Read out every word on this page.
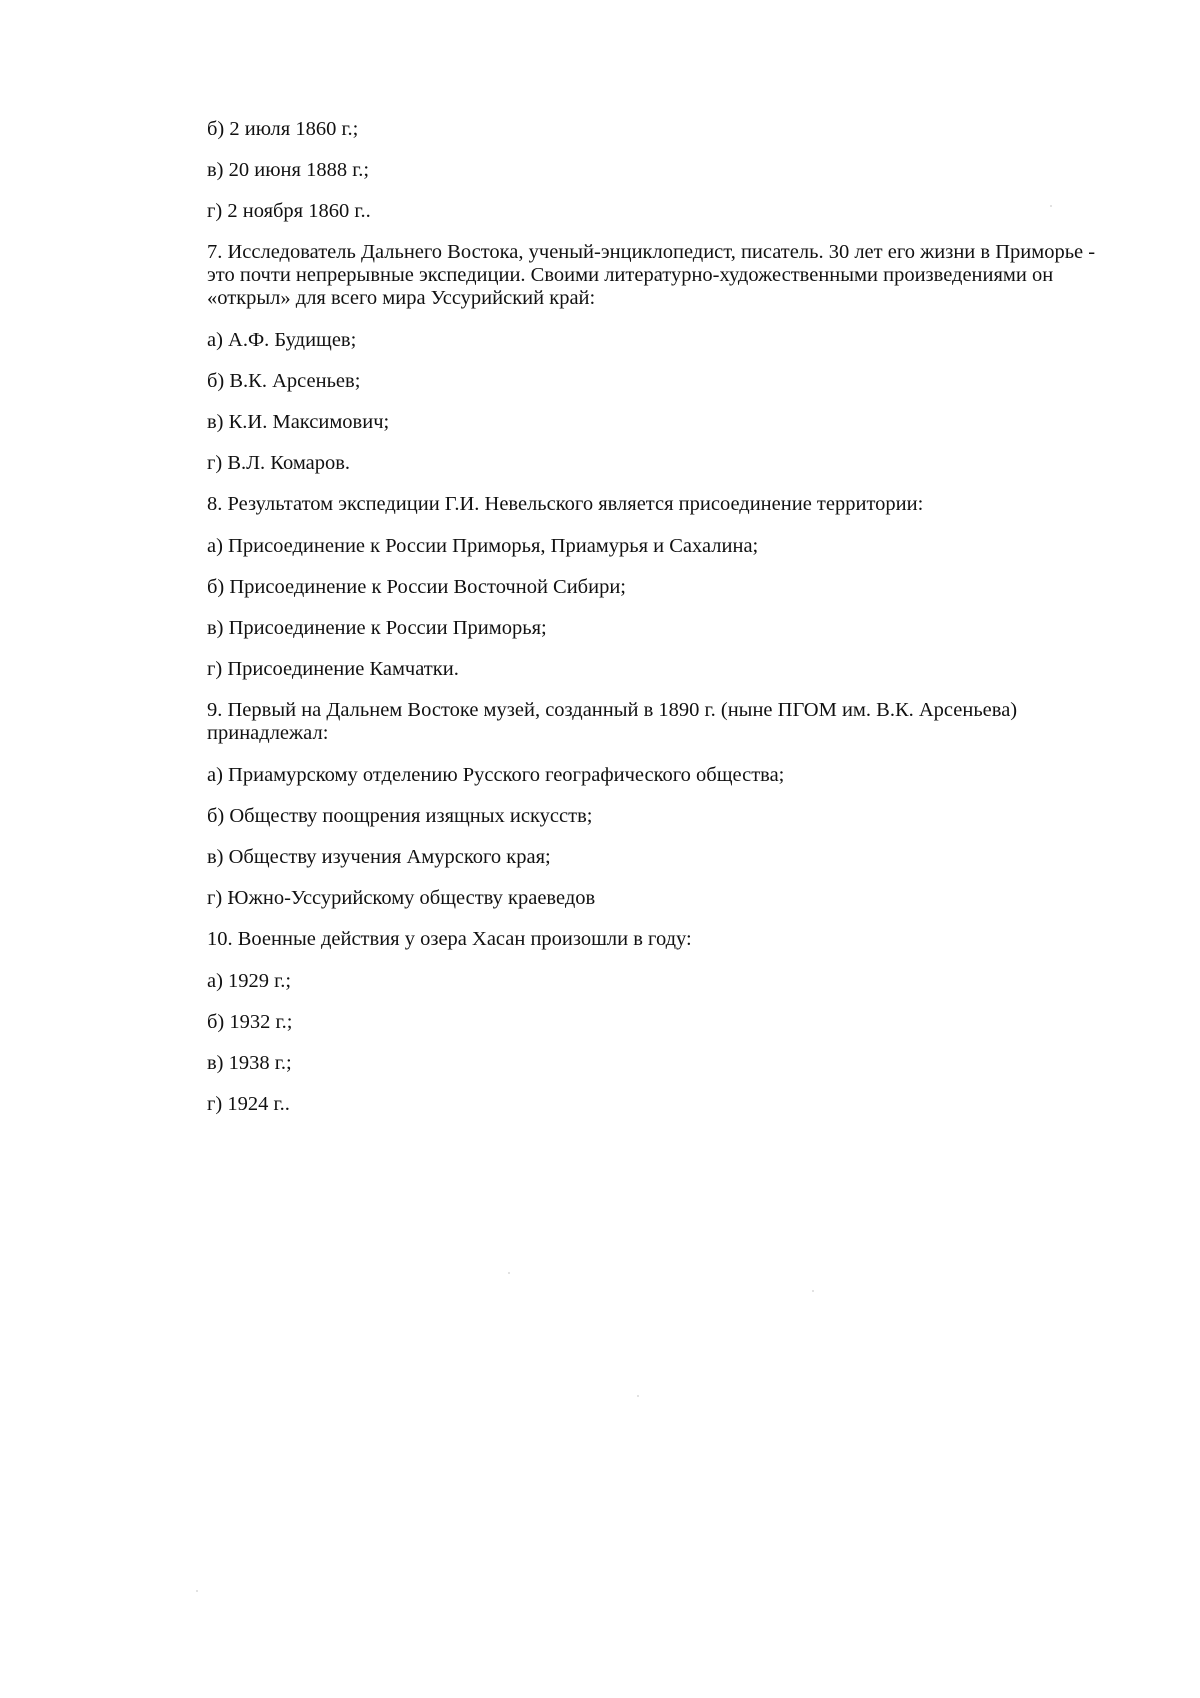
б) 2 июля 1860 г.;

в) 20 июня 1888 г.;

г) 2 ноября 1860 г..

7. Исследователь Дальнего Востока, ученый-энциклопедист, писатель. 30 лет его жизни в Приморье - это почти непрерывные экспедиции. Своими литературно-художественными произведениями он «открыл» для всего мира Уссурийский край:

а) А.Ф. Будищев;

б) В.К. Арсеньев;

в) К.И. Максимович;

г) В.Л. Комаров.

8. Результатом экспедиции Г.И. Невельского является присоединение территории:

а) Присоединение к России Приморья, Приамурья и Сахалина;

б) Присоединение к России Восточной Сибири;

в) Присоединение к России Приморья;

г) Присоединение Камчатки.

9. Первый на Дальнем Востоке музей, созданный в 1890 г. (ныне ПГОМ им. В.К. Арсеньева) принадлежал:

а) Приамурскому отделению Русского географического общества;

б) Обществу поощрения изящных искусств;

в) Обществу изучения Амурского края;

г) Южно-Уссурийскому обществу краеведов

10. Военные действия у озера Хасан произошли в году:

а) 1929 г.;

б) 1932 г.;

в) 1938 г.;

г) 1924 г..
